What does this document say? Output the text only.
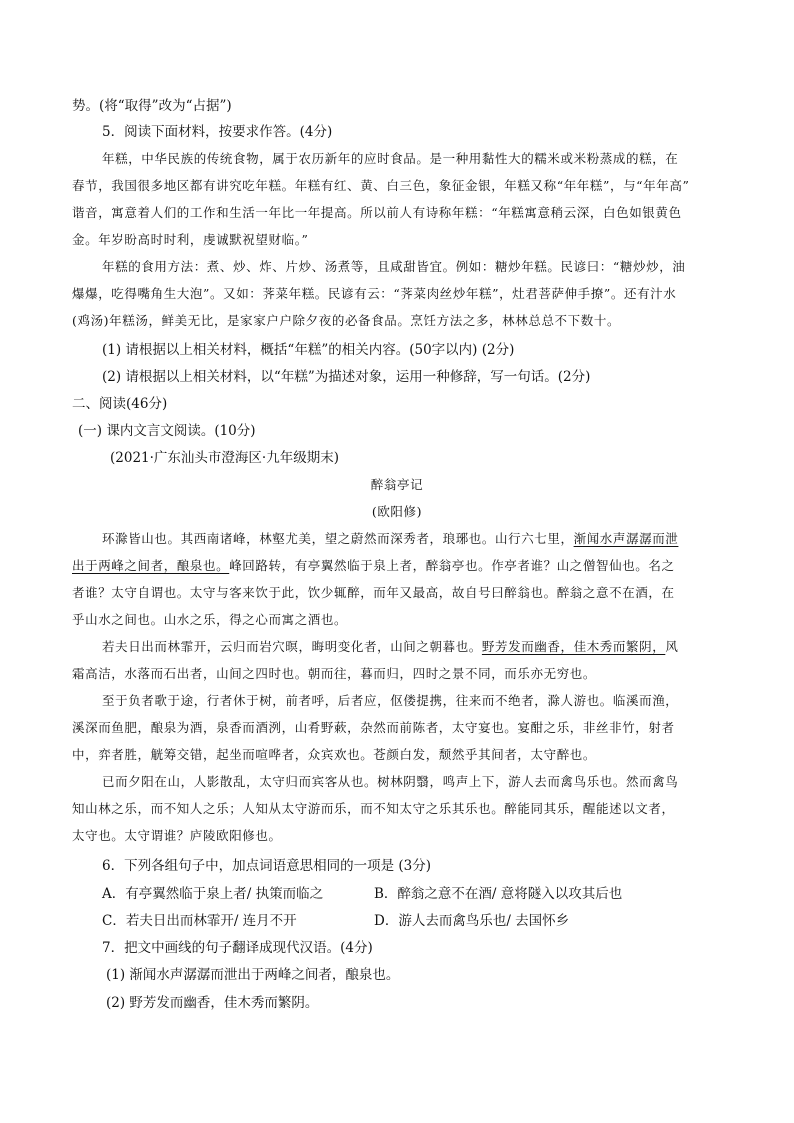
势。(将“取得”改为“占据”)
5．阅读下面材料，按要求作答。(4分)
年糕，中华民族的传统食物，属于农历新年的应时食品。是一种用黏性大的糯米或米粉蒸成的糕，在
春节，我国很多地区都有讲究吃年糕。年糕有红、黄、白三色，象征金银，年糕又称“年年糕”，与“年年高”
谐音，寓意着人们的工作和生活一年比一年提高。所以前人有诗称年糕：“年糕寓意稍云深，白色如银黄色
金。年岁盼高时时利，虔诚默祝望财临。”
年糕的食用方法：煮、炒、炸、片炒、汤煮等，且咸甜皆宜。例如：糖炒年糕。民谚曰：“糖炒炒，油
爆爆，吃得嘴角生大泡”。又如：荠菜年糕。民谚有云：“荠菜肉丝炒年糕”，灶君菩萨伸手撩”。还有汁水
(鸡汤)年糕汤，鲜美无比，是家家户户除夕夜的必备食品。烹饪方法之多，林林总总不下数十。
(1) 请根据以上相关材料，概括“年糕”的相关内容。(50字以内) (2分)
(2) 请根据以上相关材料，以“年糕”为描述对象，运用一种修辞，写一句话。(2分)
二、阅读(46分)
(一) 课内文言文阅读。(10分)
(2021·广东汕头市澄海区·九年级期末)
醉翁亭记
(欧阳修)
环滁皆山也。其西南诸峰，林壑尤美，望之蔚然而深秀者，琅琊也。山行六七里，渐闻水声潺潺而泄
出于两峰之间者，酿泉也。峰回路转，有亭翼然临于泉上者，醉翁亭也。作亭者谁？山之僧智仙也。名之
者谁？太守自谓也。太守与客来饮于此，饮少辄醉，而年又最高，故自号曰醉翁也。醉翁之意不在酒，在
乎山水之间也。山水之乐，得之心而寓之酒也。
若夫日出而林霏开，云归而岩穴暝，晦明变化者，山间之朝暮也。野芳发而幽香，佳木秀而繁阴，风
霜高洁，水落而石出者，山间之四时也。朝而往，暮而归，四时之景不同，而乐亦无穷也。
至于负者歌于途，行者休于树，前者呼，后者应，伛偻提携，往来而不绝者，滁人游也。临溪而渔，
溪深而鱼肥，酿泉为酒，泉香而酒洌，山肴野蔌，杂然而前陈者，太守宴也。宴酣之乐，非丝非竹，射者
中，弈者胜，觥筹交错，起坐而喧哗者，众宾欢也。苍颜白发，颓然乎其间者，太守醉也。
已而夕阳在山，人影散乱，太守归而宾客从也。树林阴翳，鸣声上下，游人去而禽鸟乐也。然而禽鸟
知山林之乐，而不知人之乐；人知从太守游而乐，而不知太守之乐其乐也。醉能同其乐，醒能述以文者，
太守也。太守谓谁？庐陵欧阳修也。
6．下列各组句子中，加点词语意思相同的一项是 (3分)
A．有亭翼然临于泉上者/ 执策而临之	B．醉翁之意不在酒/ 意将隧入以攻其后也
C．若夫日出而林霏开/ 连月不开	D．游人去而禽鸟乐也/ 去国怀乡
7．把文中画线的句子翻译成现代汉语。(4分)
(1) 渐闻水声潺潺而泄出于两峰之间者，酿泉也。
(2) 野芳发而幽香，佳木秀而繁阴。
